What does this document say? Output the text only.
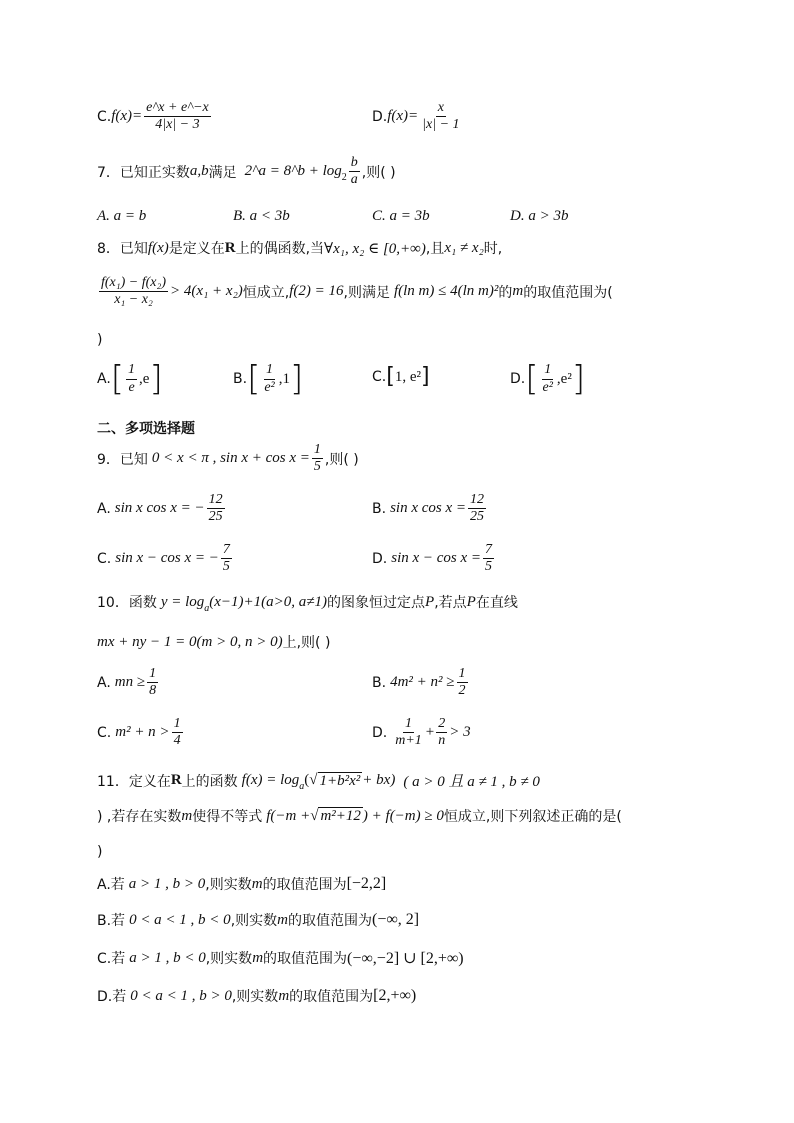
C. $f(x)= \frac{e\^{}x + e\^{}-x}{4|x| - 3}$	D. $f(x)= \frac{x}{|x| - 1}$
7．已知正实数 a,b 满足 2^a = 8^b + $\log 2 \frac{b}{a}$ ,则( )
A. a = b	B. a < 3b	C. a = 3b	D. a > 3b
8．已知 f(x) 是定义在 R 上的偶函数,当 ∀x₁, x₂ ∈ [0,+∞) ,且 x₁ ≠ x₂ 时,
$\frac{\text{f(x₁) − f(x₂)}}{\text{x₁ − x₂}} > 4(x_1 + x_2)$ 恒成立, f(2) = 16 ,则满足 f(ln m) ≤ 4(ln m)² 的 m 的取值范围为(
)
A. [ $\frac{1}{e} ,e$ ]	B. [ $\frac{1}{\text{e²}} ,1$ ]	C. [ 1, e² ]	D. [ $\frac{1}{\text{e²}} ,e^2$ ]
二、多项选择题
9．已知 0 < x < π , $\sin x + \cos x = \frac{1}{5}$ ,则( )
A. sin x cos x = − $\frac{12}{25}$	B. sin x $\cos x = \frac{12}{25}$
C. sin x − cos x = − $\frac{7}{5}$	D. $\sin x - \cos x = \frac{7}{5}$
10．函数 y = log a (x−1)+1(a>0, a≠1) 的图象恒过定点 P ,若点 P 在直线
mx + ny − 1 = 0(m > 0, n > 0) 上,则( )
A. mn ≥ $\frac{1}{8}$	B. $4m^2 + n^2 \ge \frac{1}{2}$
C. $m^2 + n > \frac{1}{4}$	D. $\frac{1}{m+1} + \frac{2}{n} > 3$
11．定义在 R 上的函数 f(x) = log a ( √ 1+b²x² + bx) ( a > 0 且 a ≠ 1 , b ≠ 0
) ,若存在实数 m 使得不等式 f(−m + √ m²+12 ) + f(−m) ≥ 0 恒成立,则下列叙述正确的是(
)
A.若 a > 1 , b > 0 ,则实数 m 的取值范围为 [−2,2]
B.若 0 < a < 1 , b < 0 ,则实数 m 的取值范围为 (−∞, 2]
C.若 a > 1 , b < 0 ,则实数 m 的取值范围为 (−∞,−2] ∪ [2,+∞)
D.若 0 < a < 1 , b > 0 ,则实数 m 的取值范围为 [2,+∞)
